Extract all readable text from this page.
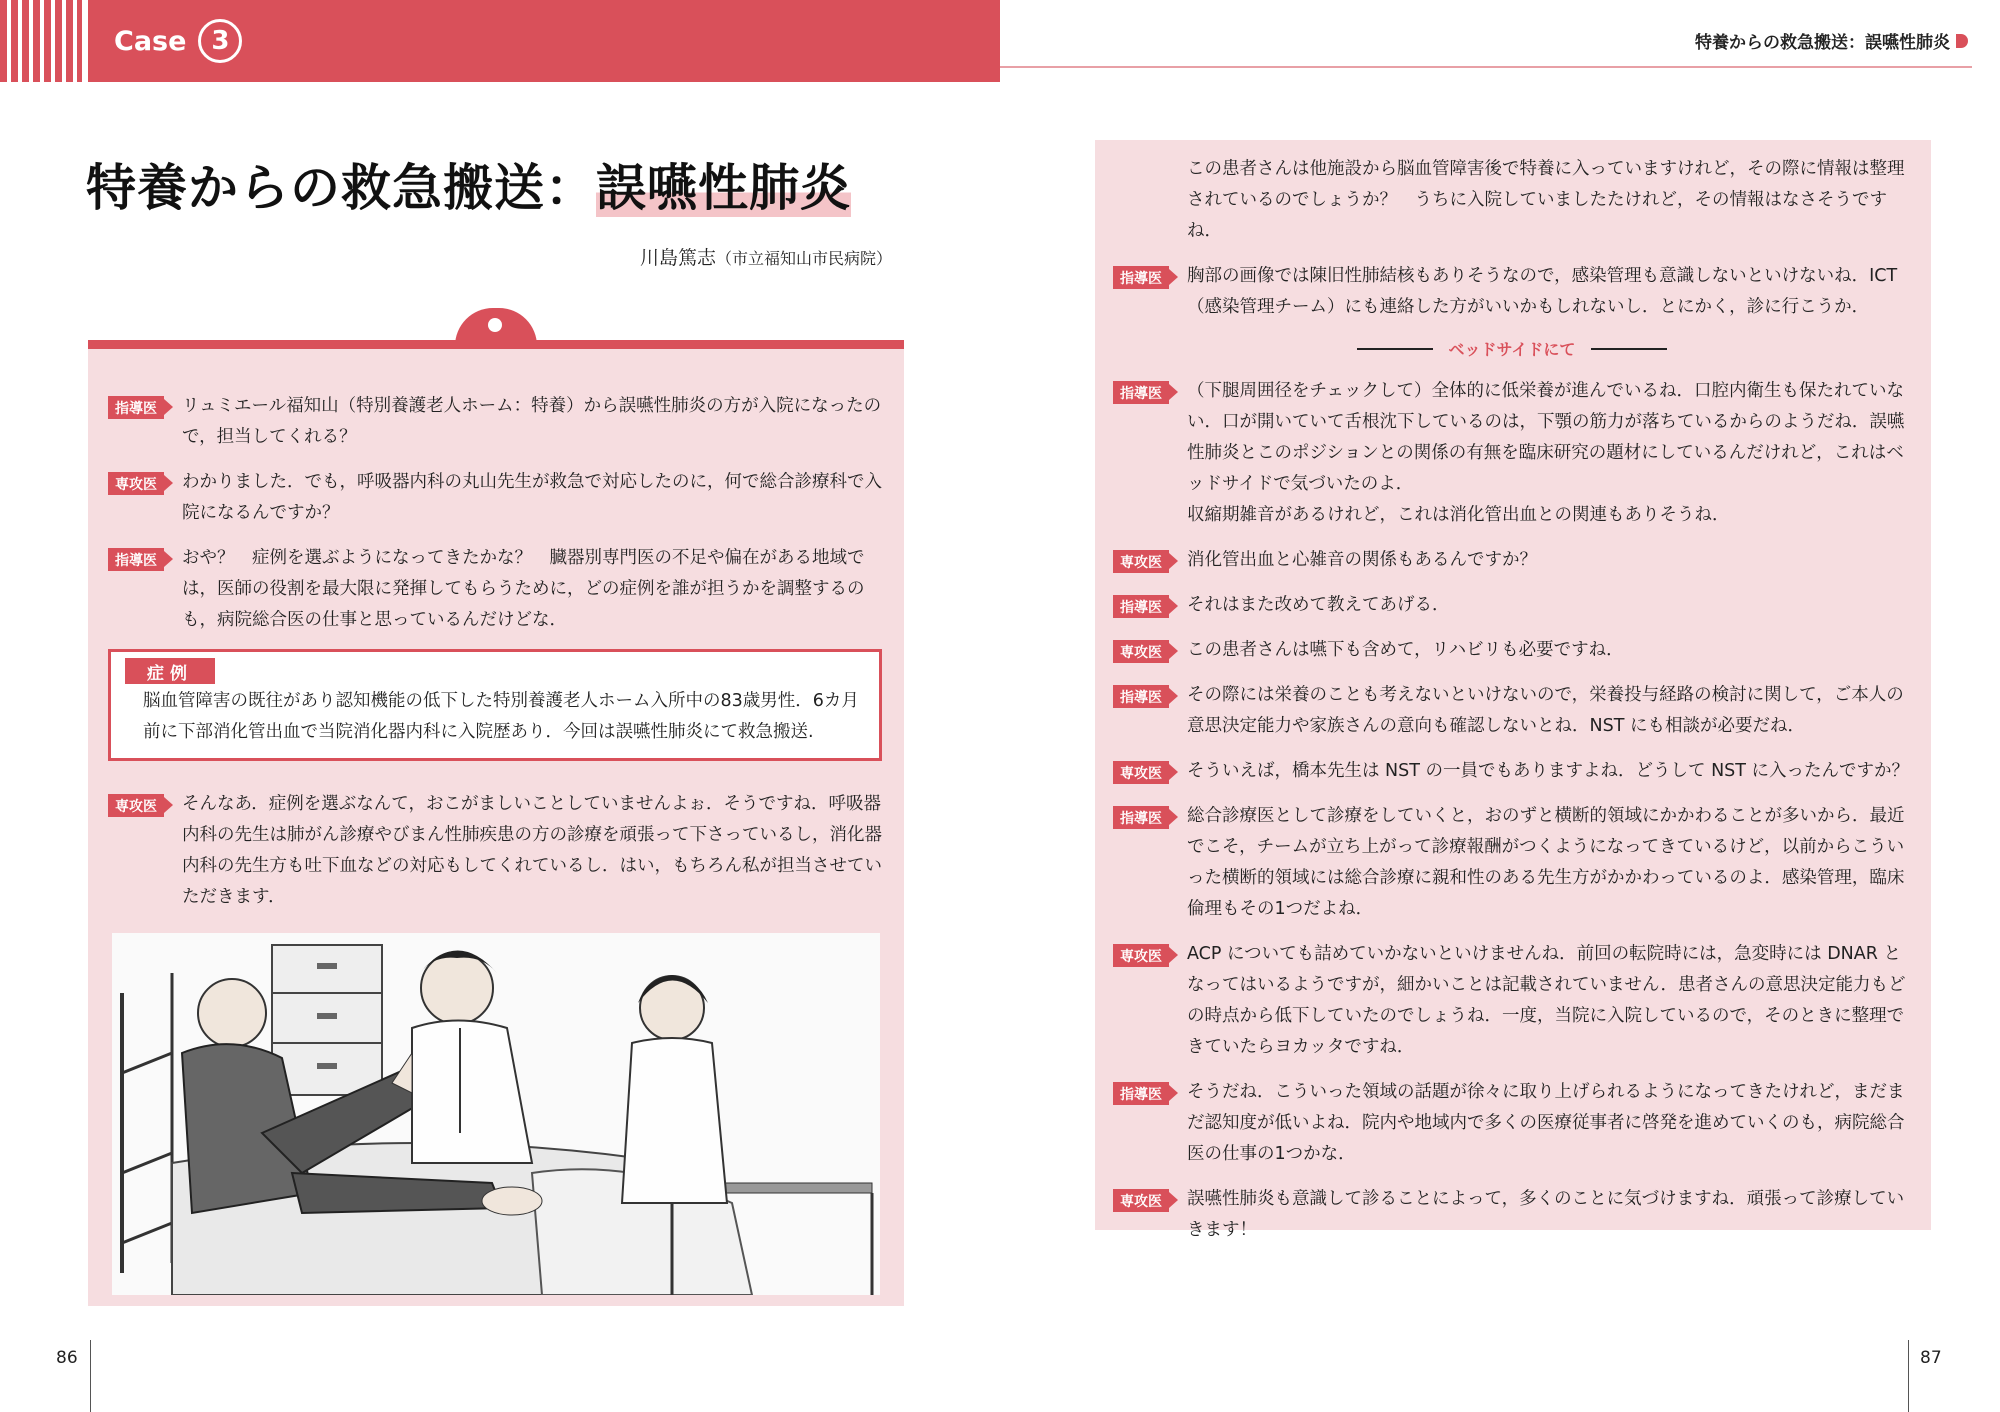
Case 3	特養からの救急搬送：誤嚥性肺炎
特養からの救急搬送：誤嚥性肺炎
川島篤志（市立福知山市民病院）
指導医	リュミエール福知山（特別養護老人ホーム：特養）から誤嚥性肺炎の方が入院になったので，担当してくれる？
専攻医	わかりました．でも，呼吸器内科の丸山先生が救急で対応したのに，何で総合診療科で入院になるんですか？
指導医	おや？　症例を選ぶようになってきたかな？　臓器別専門医の不足や偏在がある地域では，医師の役割を最大限に発揮してもらうために，どの症例を誰が担うかを調整するのも，病院総合医の仕事と思っているんだけどな．
症例
脳血管障害の既往があり認知機能の低下した特別養護老人ホーム入所中の83歳男性．6カ月前に下部消化管出血で当院消化器内科に入院歴あり．今回は誤嚥性肺炎にて救急搬送.
専攻医	そんなあ．症例を選ぶなんて，おこがましいことしていませんよぉ．そうですね．呼吸器内科の先生は肺がん診療やびまん性肺疾患の方の診療を頑張って下さっているし，消化器内科の先生方も吐下血などの対応もしてくれているし．はい，もちろん私が担当させていただきます．
この患者さんは他施設から脳血管障害後で特養に入っていますけれど，その際に情報は整理されているのでしょうか？　うちに入院していましたたけれど，その情報はなさそうですね．
指導医	胸部の画像では陳旧性肺結核もありそうなので，感染管理も意識しないといけないね．ICT（感染管理チーム）にも連絡した方がいいかもしれないし．とにかく，診に行こうか．
ベッドサイドにて
指導医	（下腿周囲径をチェックして）全体的に低栄養が進んでいるね．口腔内衛生も保たれていない．口が開いていて舌根沈下しているのは，下顎の筋力が落ちているからのようだね．誤嚥性肺炎とこのポジションとの関係の有無を臨床研究の題材にしているんだけれど，これはベッドサイドで気づいたのよ．
収縮期雑音があるけれど，これは消化管出血との関連もありそうね．
専攻医	消化管出血と心雑音の関係もあるんですか？
指導医	それはまた改めて教えてあげる．
専攻医	この患者さんは嚥下も含めて，リハビリも必要ですね．
指導医	その際には栄養のことも考えないといけないので，栄養投与経路の検討に関して，ご本人の意思決定能力や家族さんの意向も確認しないとね．NST にも相談が必要だね．
専攻医	そういえば，橋本先生は NST の一員でもありますよね．どうして NST に入ったんですか？
指導医	総合診療医として診療をしていくと，おのずと横断的領域にかかわることが多いから．最近でこそ，チームが立ち上がって診療報酬がつくようになってきているけど，以前からこういった横断的領域には総合診療に親和性のある先生方がかかわっているのよ．感染管理，臨床倫理もその1つだよね．
専攻医	ACP についても詰めていかないといけませんね．前回の転院時には，急変時には DNAR となってはいるようですが，細かいことは記載されていません．患者さんの意思決定能力もどの時点から低下していたのでしょうね．一度，当院に入院しているので，そのときに整理できていたらヨカッタですね．
指導医	そうだね．こういった領域の話題が徐々に取り上げられるようになってきたけれど，まだまだ認知度が低いよね．院内や地域内で多くの医療従事者に啓発を進めていくのも，病院総合医の仕事の1つかな．
専攻医	誤嚥性肺炎も意識して診ることによって，多くのことに気づけますね．頑張って診療していきます！
86	87
